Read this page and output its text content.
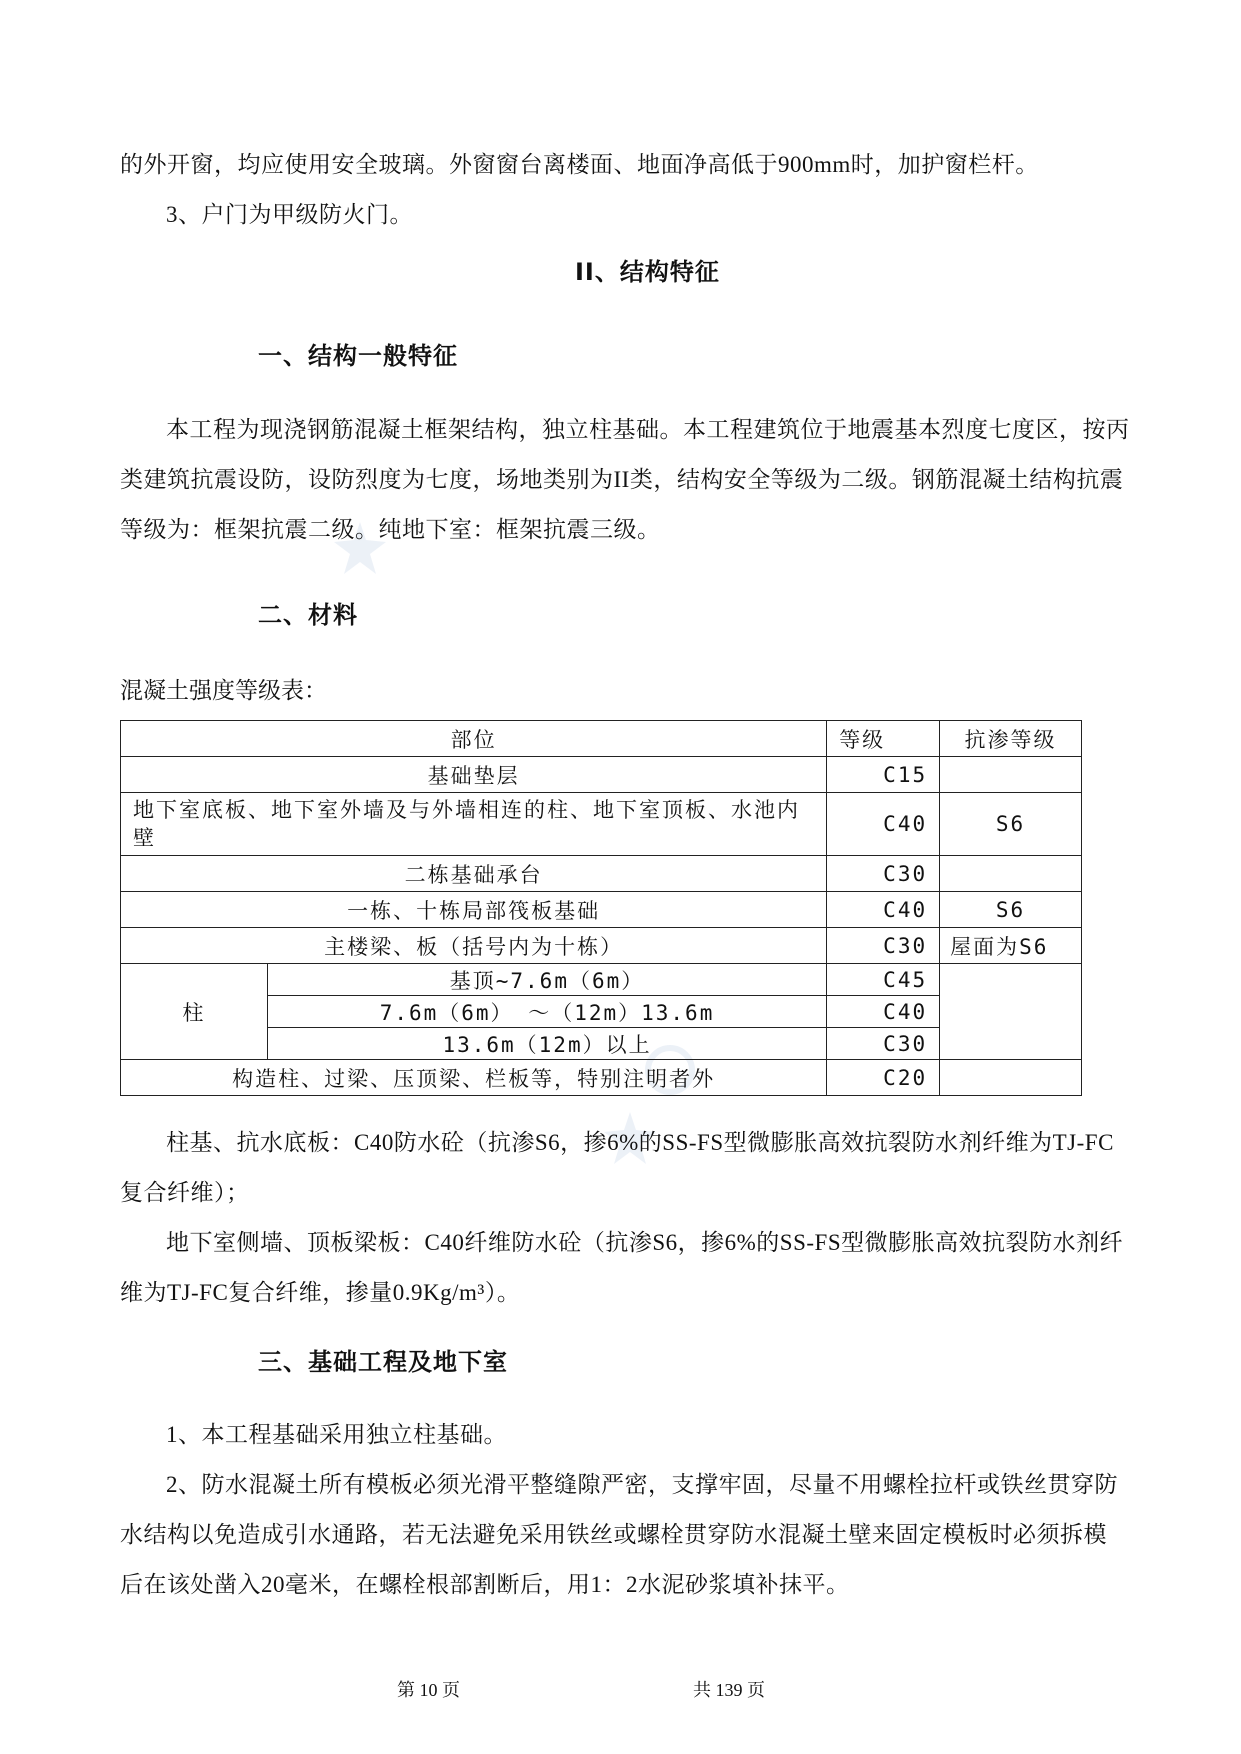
的外开窗，均应使用安全玻璃。外窗窗台离楼面、地面净高低于900mm时，加护窗栏杆。
3、户门为甲级防火门。
II、结构特征
一、结构一般特征
本工程为现浇钢筋混凝土框架结构，独立柱基础。本工程建筑位于地震基本烈度七度区，按丙类建筑抗震设防，设防烈度为七度，场地类别为II类，结构安全等级为二级。钢筋混凝土结构抗震等级为：框架抗震二级。纯地下室：框架抗震三级。
二、材料
混凝土强度等级表：
部位		等级	抗渗等级
基础垫层		C15	
地下室底板、地下室外墙及与外墙相连的柱、地下室顶板、水池内壁		C40	S6
二栋基础承台		C30	
一栋、十栋局部筏板基础		C40	S6
主楼梁、板（括号内为十栋）		C30	屋面为S6
柱	基顶~7.6m（6m）	C45	
	7.6m（6m） ～（12m）13.6m	C40	
	13.6m（12m）以上	C30	
构造柱、过梁、压顶梁、栏板等，特别注明者外		C20	
柱基、抗水底板：C40防水砼（抗渗S6，掺6%的SS-FS型微膨胀高效抗裂防水剂纤维为TJ-FC复合纤维）；
地下室侧墙、顶板梁板：C40纤维防水砼（抗渗S6，掺6%的SS-FS型微膨胀高效抗裂防水剂纤维为TJ-FC复合纤维，掺量0.9Kg/m³）。
三、基础工程及地下室
1、本工程基础采用独立柱基础。
2、防水混凝土所有模板必须光滑平整缝隙严密，支撑牢固，尽量不用螺栓拉杆或铁丝贯穿防水结构以免造成引水通路，若无法避免采用铁丝或螺栓贯穿防水混凝土壁来固定模板时必须拆模后在该处凿入20毫米，在螺栓根部割断后，用1：2水泥砂浆填补抹平。
第 10 页	共 139 页
